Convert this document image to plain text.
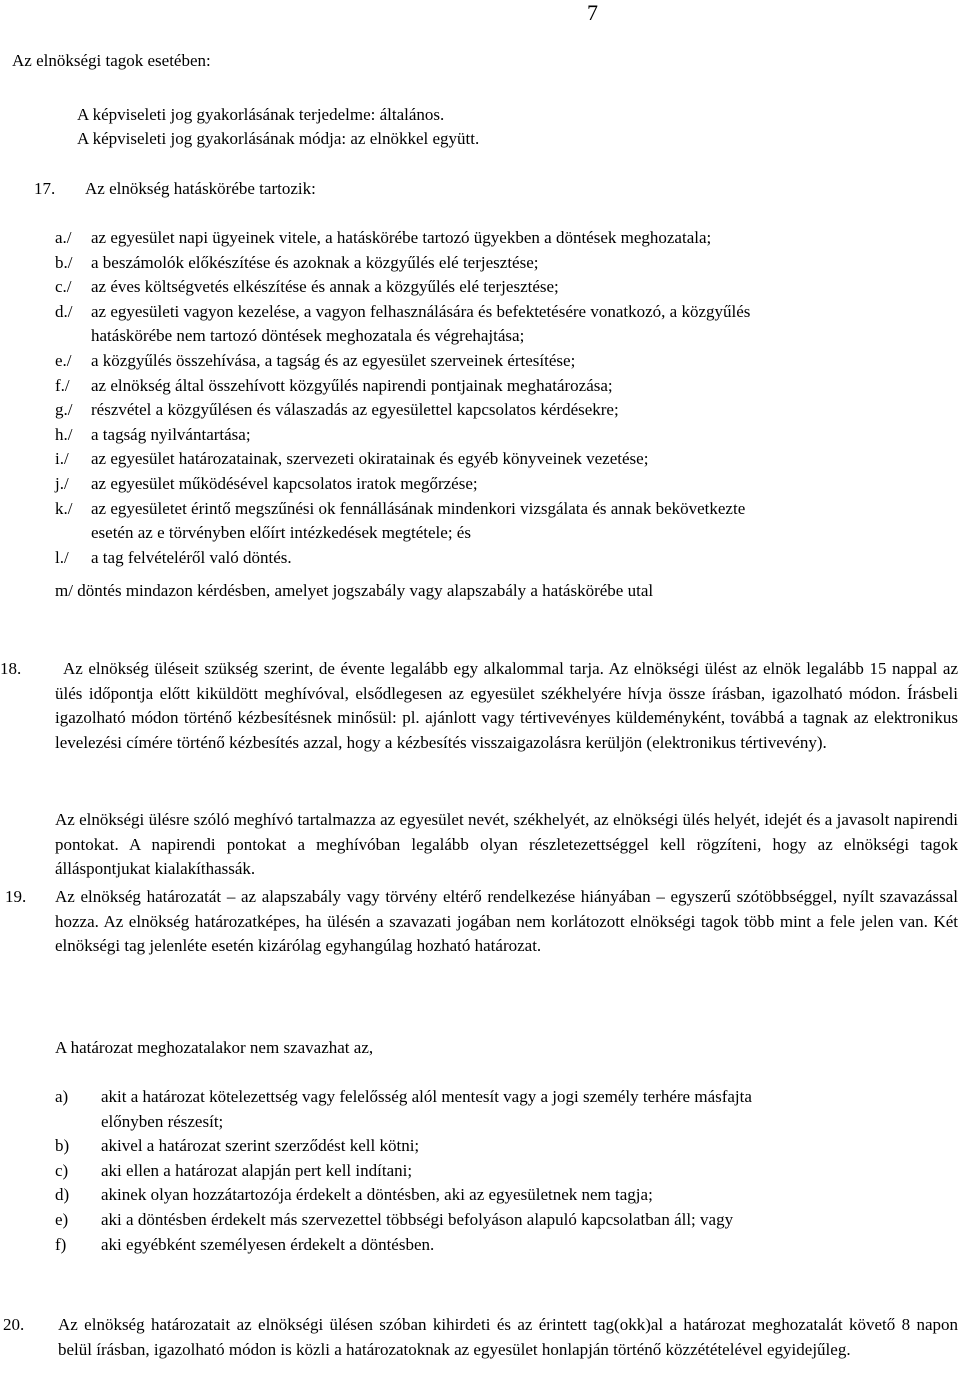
7
Az elnökségi tagok esetében:
A képviseleti jog gyakorlásának terjedelme: általános.
A képviseleti jog gyakorlásának módja: az elnökkel együtt.
17. Az elnökség hatáskörébe tartozik:
a./ az egyesület napi ügyeinek vitele, a hatáskörébe tartozó ügyekben a döntések meghozatala;
b./ a beszámolók előkészítése és azoknak a közgyűlés elé terjesztése;
c./ az éves költségvetés elkészítése és annak a közgyűlés elé terjesztése;
d./ az egyesületi vagyon kezelése, a vagyon felhasználására és befektetésére vonatkozó, a közgyűlés
hatáskörébe nem tartozó döntések meghozatala és végrehajtása;
e./ a közgyűlés összehívása, a tagság és az egyesület szerveinek értesítése;
f./ az elnökség által összehívott közgyűlés napirendi pontjainak meghatározása;
g./ részvétel a közgyűlésen és válaszadás az egyesülettel kapcsolatos kérdésekre;
h./ a tagság nyilvántartása;
i./ az egyesület határozatainak, szervezeti okiratainak és egyéb könyveinek vezetése;
j./ az egyesület működésével kapcsolatos iratok megőrzése;
k./ az egyesületet érintő megszűnési ok fennállásának mindenkori vizsgálata és annak bekövetkezte
esetén az e törvényben előírt intézkedések megtétele; és
l./ a tag felvételéről való döntés.
m/ döntés mindazon kérdésben, amelyet jogszabály vagy alapszabály a hatáskörébe utal
18.	Az elnökség üléseit szükség szerint, de évente legalább egy alkalommal tarja. Az elnökségi ülést az elnök legalább 15 nappal az ülés időpontja előtt kiküldött meghívóval, elsődlegesen az egyesület székhelyére hívja össze írásban, igazolható módon. Írásbeli igazolható módon történő kézbesítésnek minősül: pl. ajánlott vagy tértivevényes küldeményként, továbbá a tagnak az elektronikus levelezési címére történő kézbesítés azzal, hogy a kézbesítés visszaigazolásra kerüljön (elektronikus tértivevény).
Az elnökségi ülésre szóló meghívó tartalmazza az egyesület nevét, székhelyét, az elnökségi ülés helyét, idejét és a javasolt napirendi pontokat. A napirendi pontokat a meghívóban legalább olyan részletezettséggel kell rögzíteni, hogy az elnökségi tagok álláspontjukat kialakíthassák.
19. Az elnökség határozatát – az alapszabály vagy törvény eltérő rendelkezése hiányában – egyszerű szótöbbséggel, nyílt szavazással hozza. Az elnökség határozatképes, ha ülésén a szavazati jogában nem korlátozott elnökségi tagok több mint a fele jelen van. Két elnökségi tag jelenléte esetén kizárólag egyhangúlag hozható határozat.
A határozat meghozatalakor nem szavazhat az,
a) akit a határozat kötelezettség vagy felelősség alól mentesít vagy a jogi személy terhére másfajta
előnyben részesít;
b) akivel a határozat szerint szerződést kell kötni;
c) aki ellen a határozat alapján pert kell indítani;
d) akinek olyan hozzátartozója érdekelt a döntésben, aki az egyesületnek nem tagja;
e) aki a döntésben érdekelt más szervezettel többségi befolyáson alapuló kapcsolatban áll; vagy
f) aki egyébként személyesen érdekelt a döntésben.
20. Az elnökség határozatait az elnökségi ülésen szóban kihirdeti és az érintett tag(okk)al a határozat meghozatalát követő 8 napon belül írásban, igazolható módon is közli a határozatoknak az egyesület honlapján történő közzétételével egyidejűleg.
